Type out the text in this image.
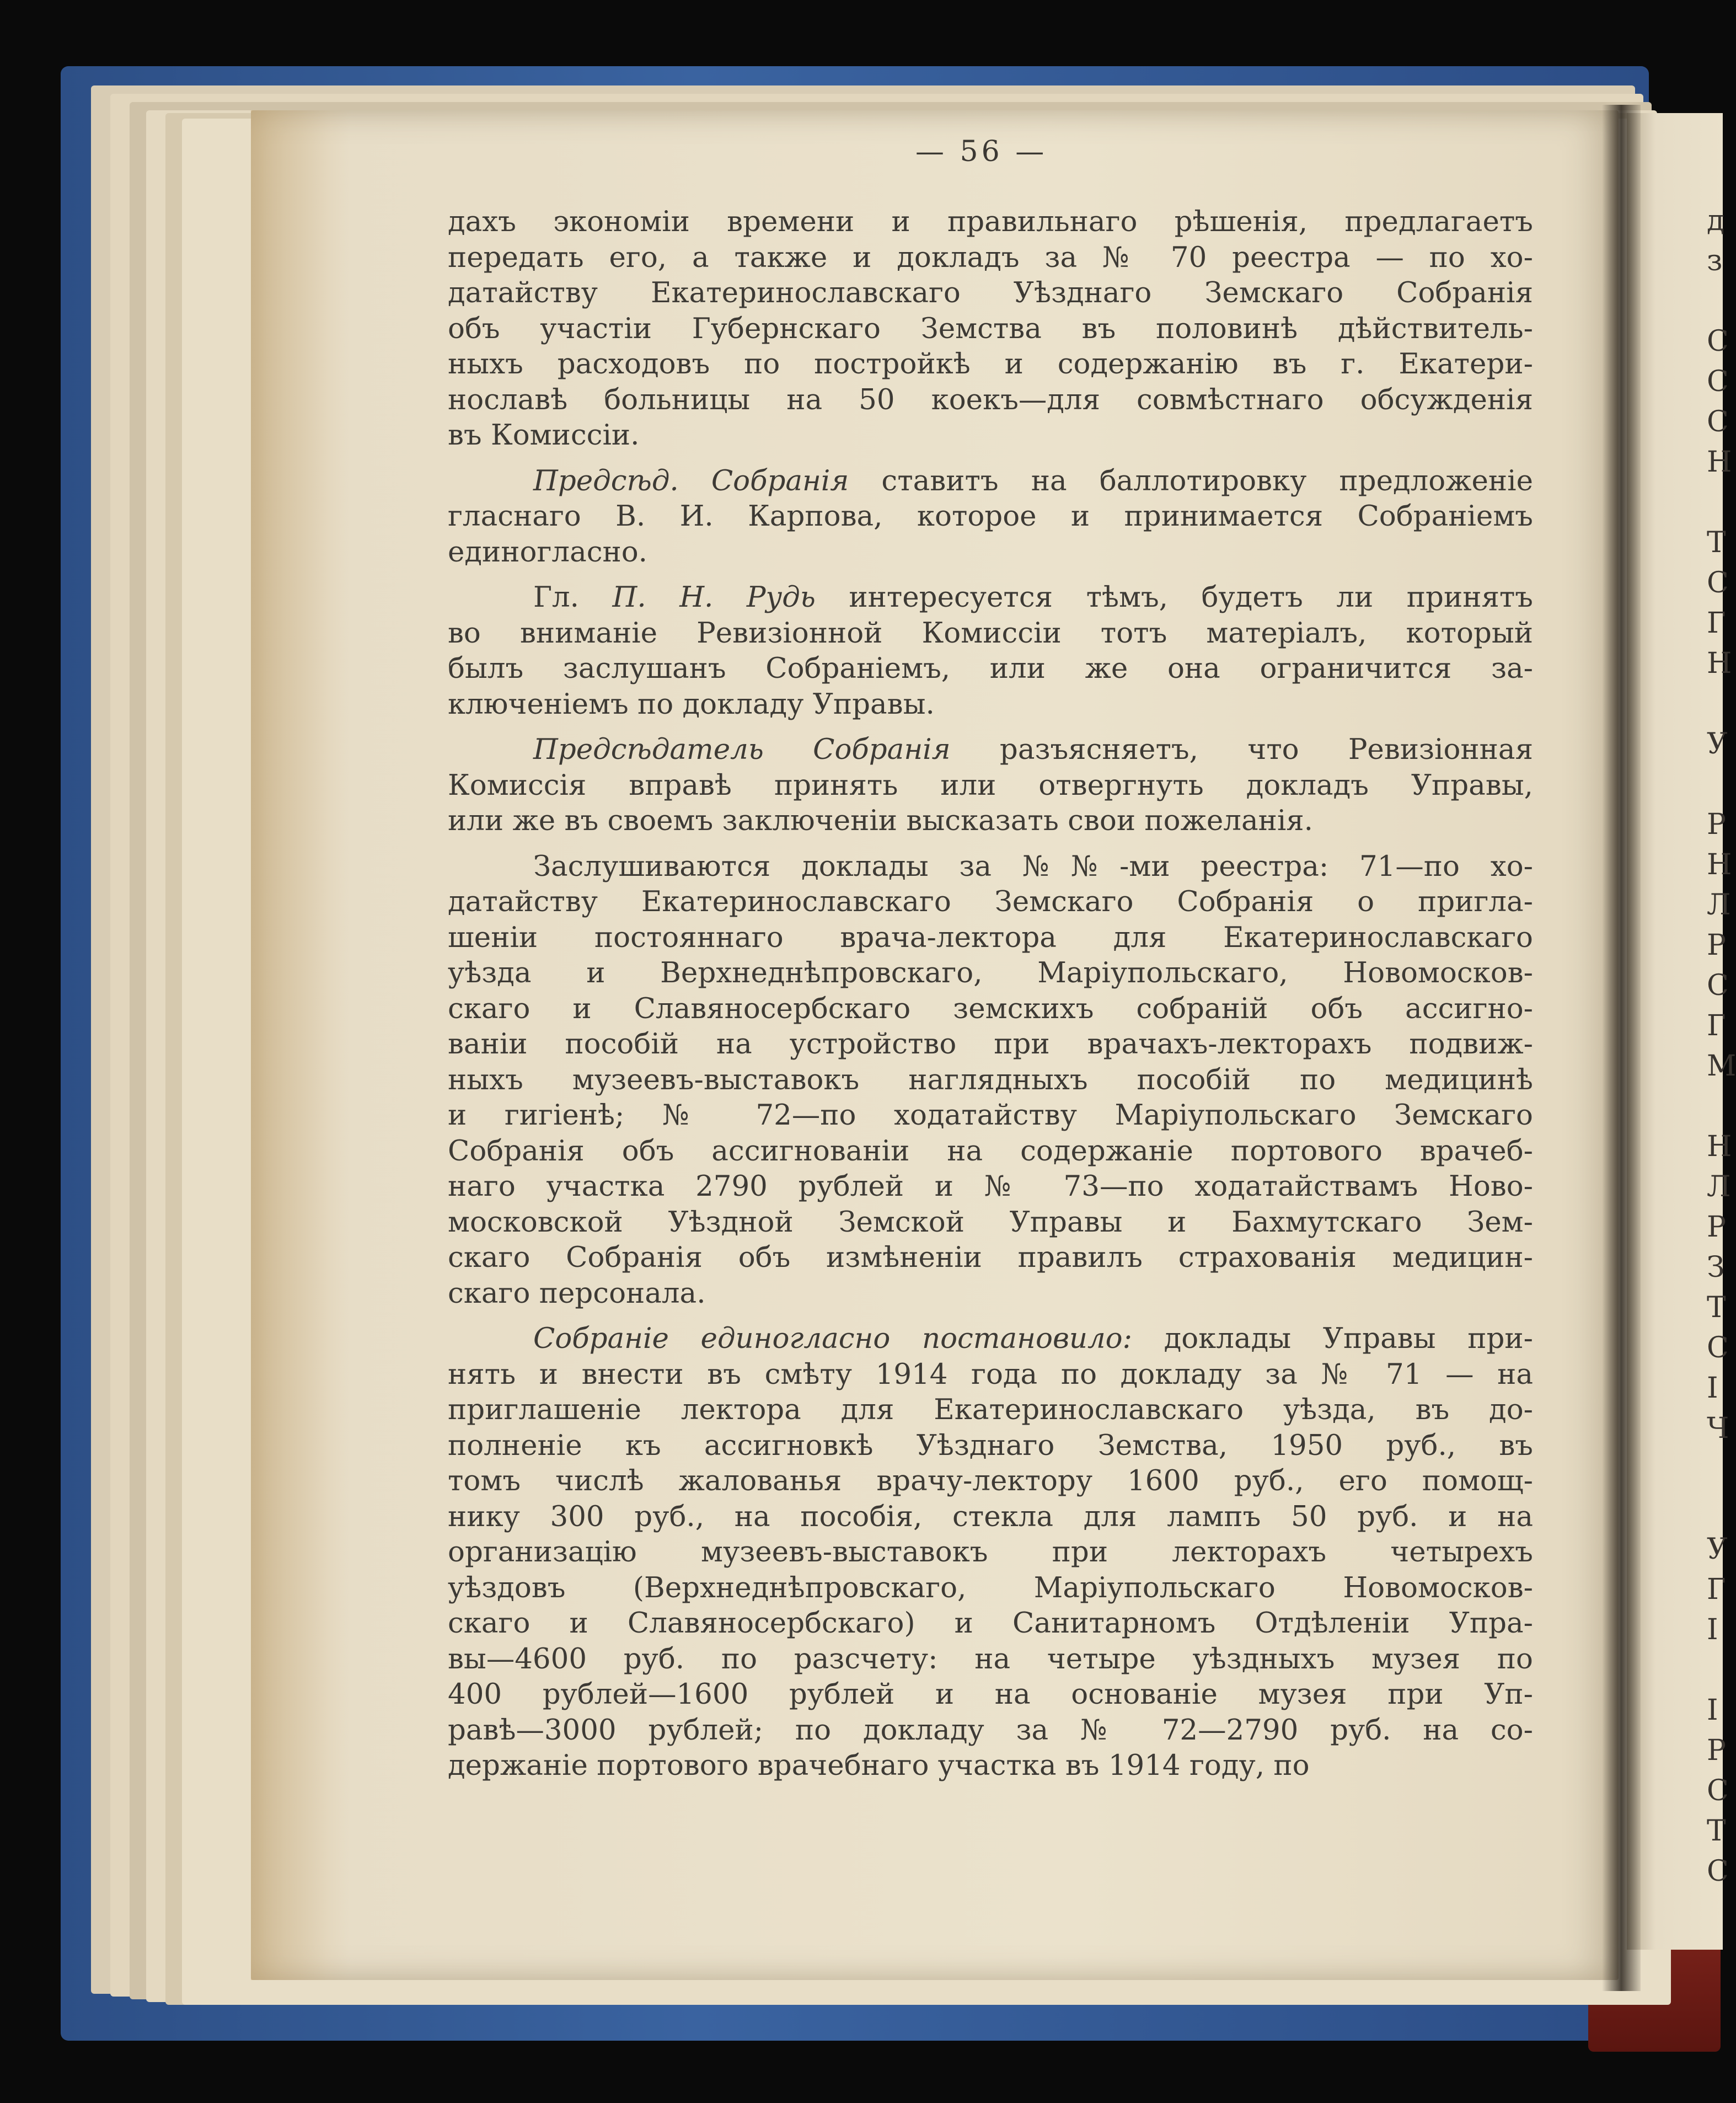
д
з
С
С
С
Н
Т
С
Г
Н
У
Р
Н
Л
Р
С
Г
М
Н
Л
Р
З
Т
С
І
Ч
У
Г
І
І
Р
С
Т
С
— 56 —
дахъ экономіи времени и правильнаго рѣшенія, предлагаетъ
передать его, а также и докладъ за № 70 реестра — по хо-
датайству Екатеринославскаго Уѣзднаго Земскаго Собранія
объ участіи Губернскаго Земства въ половинѣ дѣйствитель-
ныхъ расходовъ по постройкѣ и содержанію въ г. Екатери-
нославѣ больницы на 50 коекъ—для совмѣстнаго обсужденія
въ Комиссіи.
Предсѣд. Собранія ставитъ на баллотировку предложеніе
гласнаго В. И. Карпова, которое и принимается Собраніемъ
единогласно.
Гл. П. Н. Рудь интересуется тѣмъ, будетъ ли принятъ
во вниманіе Ревизіонной Комиссіи тотъ матеріалъ, который
былъ заслушанъ Собраніемъ, или же она ограничится за-
ключеніемъ по докладу Управы.
Предсѣдатель Собранія разъясняетъ, что Ревизіонная
Комиссія вправѣ принять или отвергнуть докладъ Управы,
или же въ своемъ заключеніи высказать свои пожеланія.
Заслушиваются доклады за №№-ми реестра: 71—по хо-
датайству Екатеринославскаго Земскаго Собранія о пригла-
шеніи постояннаго врача-лектора для Екатеринославскаго
уѣзда и Верхнеднѣпровскаго, Маріупольскаго, Новомосков-
скаго и Славяносербскаго земскихъ собраній объ ассигно-
ваніи пособій на устройство при врачахъ-лекторахъ подвиж-
ныхъ музеевъ-выставокъ наглядныхъ пособій по медицинѣ
и гигіенѣ; № 72—по ходатайству Маріупольскаго Земскаго
Собранія объ ассигнованіи на содержаніе портового врачеб-
наго участка 2790 рублей и № 73—по ходатайствамъ Ново-
московской Уѣздной Земской Управы и Бахмутскаго Зем-
скаго Собранія объ измѣненіи правилъ страхованія медицин-
скаго персонала.
Собраніе единогласно постановило: доклады Управы при-
нять и внести въ смѣту 1914 года по докладу за № 71 — на
приглашеніе лектора для Екатеринославскаго уѣзда, въ до-
полненіе къ ассигновкѣ Уѣзднаго Земства, 1950 руб., въ
томъ числѣ жалованья врачу-лектору 1600 руб., его помощ-
нику 300 руб., на пособія, стекла для лампъ 50 руб. и на
организацію музеевъ-выставокъ при лекторахъ четырехъ
уѣздовъ (Верхнеднѣпровскаго, Маріупольскаго Новомосков-
скаго и Славяносербскаго) и Санитарномъ Отдѣленіи Упра-
вы—4600 руб. по разсчету: на четыре уѣздныхъ музея по
400 рублей—1600 рублей и на основаніе музея при Уп-
равѣ—3000 рублей; по докладу за № 72—2790 руб. на со-
держаніе портового врачебнаго участка въ 1914 году, по
